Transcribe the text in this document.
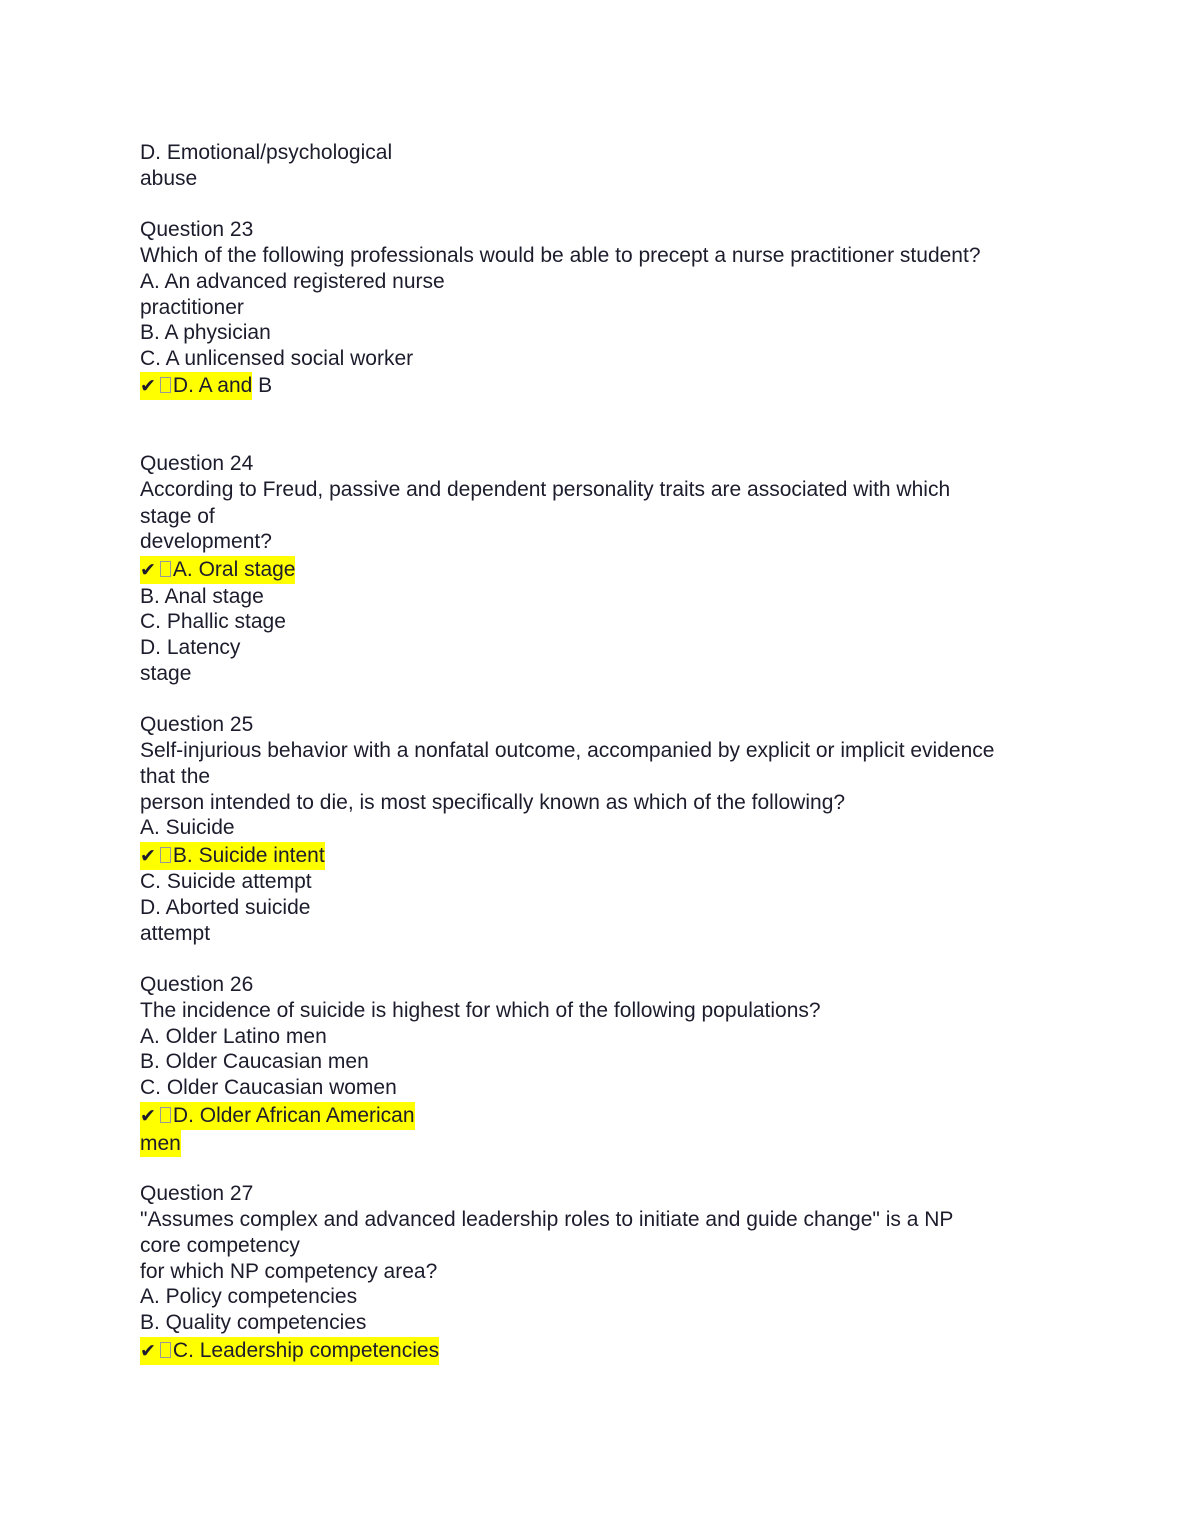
D. Emotional/psychological
abuse
Question 23
Which of the following professionals would be able to precept a nurse practitioner student?
A. An advanced registered nurse
practitioner
B. A physician
C. A unlicensed social worker
✔ D. A and B
Question 24
According to Freud, passive and dependent personality traits are associated with which
stage of
development?
✔ A. Oral stage
B. Anal stage
C. Phallic stage
D. Latency
stage
Question 25
Self-injurious behavior with a nonfatal outcome, accompanied by explicit or implicit evidence
that the
person intended to die, is most specifically known as which of the following?
A. Suicide
✔ B. Suicide intent
C. Suicide attempt
D. Aborted suicide
attempt
Question 26
The incidence of suicide is highest for which of the following populations?
A. Older Latino men
B. Older Caucasian men
C. Older Caucasian women
✔ D. Older African American
men
Question 27
"Assumes complex and advanced leadership roles to initiate and guide change" is a NP
core competency
for which NP competency area?
A. Policy competencies
B. Quality competencies
✔ C. Leadership competencies
